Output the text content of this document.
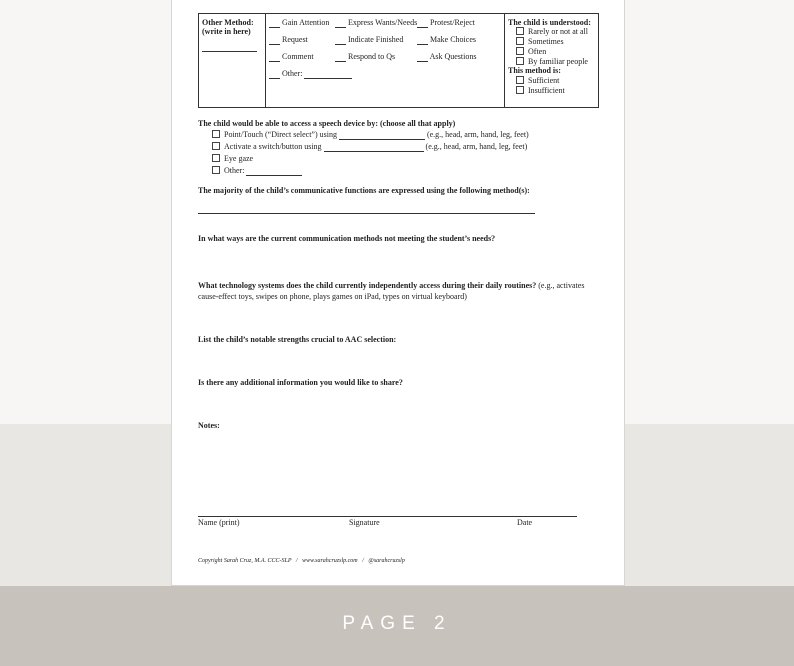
PAGE 2
Other Method:
(write in here)
Gain Attention	Express Wants/Needs	Protest/Reject
Request	Indicate Finished	Make Choices
Comment	Respond to Qs	Ask Questions
Other:
The child is understood:
Rarely or not at all
Sometimes
Often
By familiar people
This method is:
Sufficient
Insufficient
The child would be able to access a speech device by: (choose all that apply)
Point/Touch (“Direct select”) using	(e.g., head, arm, hand, leg, feet)
Activate a switch/button using	(e.g., head, arm, hand, leg, feet)
Eye gaze
Other:
The majority of the child’s communicative functions are expressed using the following method(s):
In what ways are the current communication methods not meeting the student’s needs?
What technology systems does the child currently independently access during their daily routines? (e.g., activates
cause-effect toys, swipes on phone, plays games on iPad, types on virtual keyboard)
List the child’s notable strengths crucial to AAC selection:
Is there any additional information you would like to share?
Notes:
Name (print)	Signature	Date
Copyright Sarah Cruz, M.A. CCC-SLP / www.sarahcruzslp.com / @sarahcruzslp
